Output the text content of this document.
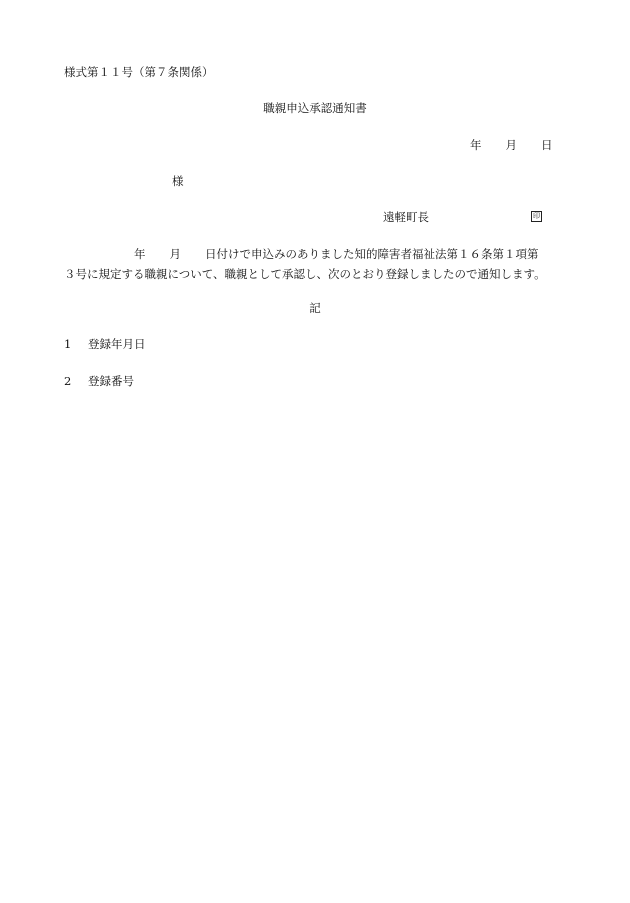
様式第１１号（第７条関係）
職親申込承認通知書
年 月 日
様
遠軽町長	印
年 月 日付けで申込みのありました知的障害者福祉法第１６条第１項第
３号に規定する職親について、職親として承認し、次のとおり登録しましたので通知します。
記
1 登録年月日
2 登録番号
